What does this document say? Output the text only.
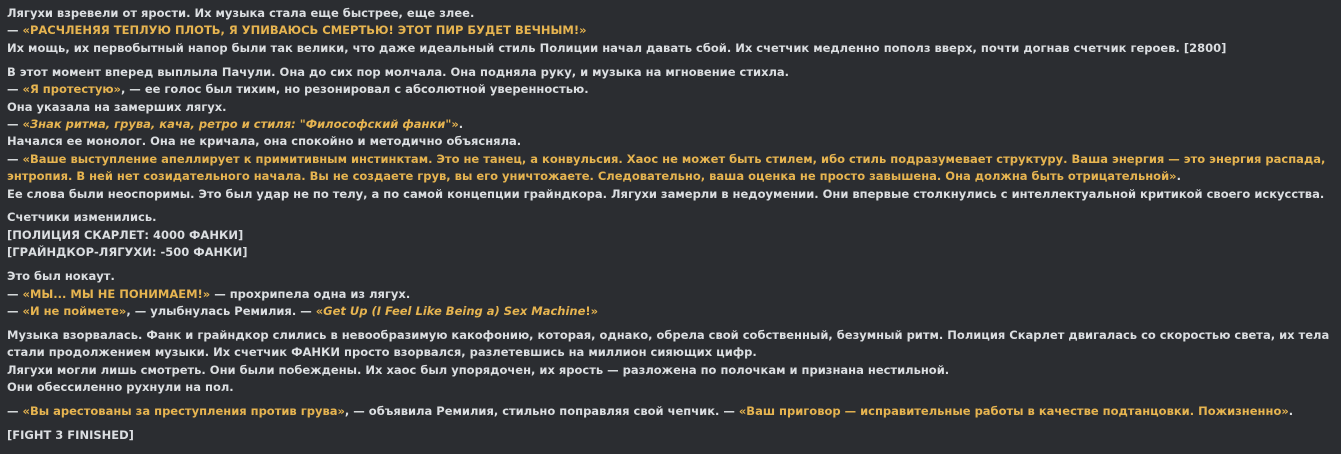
Лягухи взревели от ярости. Их музыка стала еще быстрее, еще злее.
— «РАСЧЛЕНЯЯ ТЕПЛУЮ ПЛОТЬ, Я УПИВАЮСЬ СМЕРТЬЮ! ЭТОТ ПИР БУДЕТ ВЕЧНЫМ!»
Их мощь, их первобытный напор были так велики, что даже идеальный стиль Полиции начал давать сбой. Их счетчик медленно пополз вверх, почти догнав счетчик героев. [2800]
В этот момент вперед выплыла Пачули. Она до сих пор молчала. Она подняла руку, и музыка на мгновение стихла.
— «Я протестую», — ее голос был тихим, но резонировал с абсолютной уверенностью.
Она указала на замерших лягух.
— «Знак ритма, грува, кача, ретро и стиля: "Философский фанки"».
Начался ее монолог. Она не кричала, она спокойно и методично объясняла.
— «Ваше выступление апеллирует к примитивным инстинктам. Это не танец, а конвульсия. Хаос не может быть стилем, ибо стиль подразумевает структуру. Ваша энергия — это энергия распада, энтропия. В ней нет созидательного начала. Вы не создаете грув, вы его уничтожаете. Следовательно, ваша оценка не просто завышена. Она должна быть отрицательной».
Ее слова были неоспоримы. Это был удар не по телу, а по самой концепции грайндкора. Лягухи замерли в недоумении. Они впервые столкнулись с интеллектуальной критикой своего искусства.
Счетчики изменились.
[ПОЛИЦИЯ СКАРЛЕТ: 4000 ФАНКИ]
[ГРАЙНДКОР-ЛЯГУХИ: -500 ФАНКИ]
Это был нокаут.
— «МЫ... МЫ НЕ ПОНИМАЕМ!» — прохрипела одна из лягух.
— «И не поймете», — улыбнулась Ремилия. — «Get Up (I Feel Like Being a) Sex Machine!»
Музыка взорвалась. Фанк и грайндкор слились в невообразимую какофонию, которая, однако, обрела свой собственный, безумный ритм. Полиция Скарлет двигалась со скоростью света, их тела стали продолжением музыки. Их счетчик ФАНКИ просто взорвался, разлетевшись на миллион сияющих цифр.
Лягухи могли лишь смотреть. Они были побеждены. Их хаос был упорядочен, их ярость — разложена по полочкам и признана нестильной.
Они обессиленно рухнули на пол.
— «Вы арестованы за преступления против грува», — объявила Ремилия, стильно поправляя свой чепчик. — «Ваш приговор — исправительные работы в качестве подтанцовки. Пожизненно».
[FIGHT 3 FINISHED]
